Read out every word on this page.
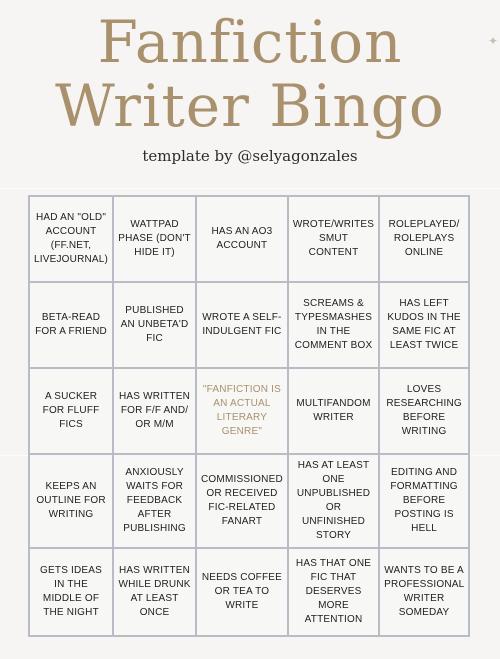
✦
Fanfiction
Writer Bingo
template by @selyagonzales
HAD AN "OLD" ACCOUNT (FF.NET, LIVEJOURNAL)
WATTPAD PHASE (DON'T HIDE IT)
HAS AN AO3 ACCOUNT
WROTE/WRITES SMUT CONTENT
ROLEPLAYED/ ROLEPLAYS ONLINE
BETA-READ FOR A FRIEND
PUBLISHED AN UNBETA'D FIC
WROTE A SELF-INDULGENT FIC
SCREAMS & TYPESMASHES IN THE COMMENT BOX
HAS LEFT KUDOS IN THE SAME FIC AT LEAST TWICE
A SUCKER FOR FLUFF FICS
HAS WRITTEN FOR F/F AND/ OR M/M
"FANFICTION IS AN ACTUAL LITERARY GENRE"
MULTIFANDOM WRITER
LOVES RESEARCHING BEFORE WRITING
KEEPS AN OUTLINE FOR WRITING
ANXIOUSLY WAITS FOR FEEDBACK AFTER PUBLISHING
COMMISSIONED OR RECEIVED FIC-RELATED FANART
HAS AT LEAST ONE UNPUBLISHED OR UNFINISHED STORY
EDITING AND FORMATTING BEFORE POSTING IS HELL
GETS IDEAS IN THE MIDDLE OF THE NIGHT
HAS WRITTEN WHILE DRUNK AT LEAST ONCE
NEEDS COFFEE OR TEA TO WRITE
HAS THAT ONE FIC THAT DESERVES MORE ATTENTION
WANTS TO BE A PROFESSIONAL WRITER SOMEDAY
